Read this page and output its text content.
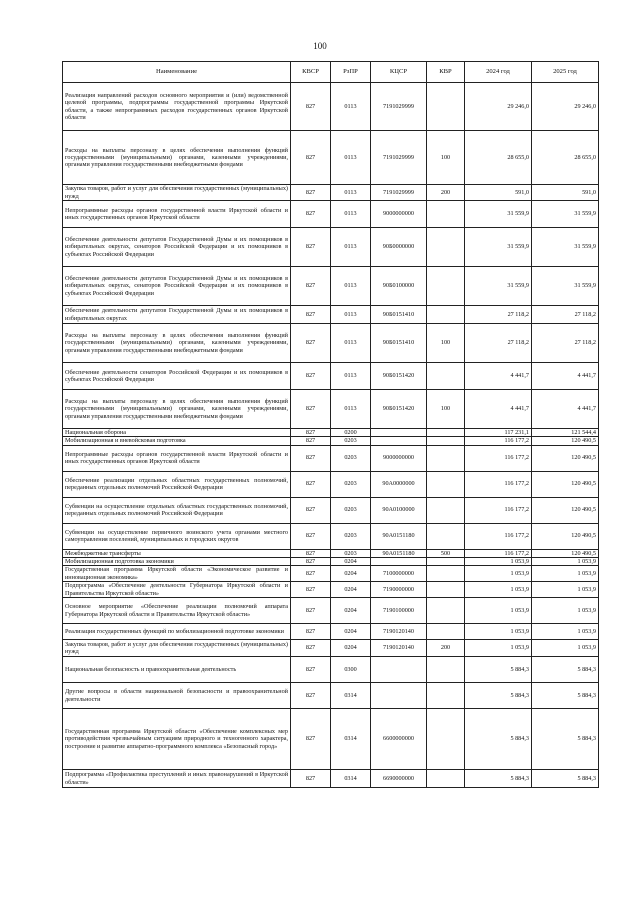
100
Наименование	КВСР	РзПР	КЦСР	КВР	2024 год	2025 год
Реализация направлений расходов основного мероприятия и (или) ведомственной целевой программы, подпрограммы государственной программы Иркутской области, а также непрограммных расходов государственных органов Иркутской области	827	0113	7191029999		29 246,0	29 246,0
Расходы на выплаты персоналу в целях обеспечения выполнения функций государственными (муниципальными) органами, казенными учреждениями, органами управления государственными внебюджетными фондами	827	0113	7191029999	100	28 655,0	28 655,0
Закупка товаров, работ и услуг для обеспечения государственных (муниципальных) нужд	827	0113	7191029999	200	591,0	591,0
Непрограммные расходы органов государственной власти Иркутской области и иных государственных органов Иркутской области	827	0113	9000000000		31 559,9	31 559,9
Обеспечение деятельности депутатов Государственной Думы и их помощников в избирательных округах, сенаторов Российской Федерации и их помощников в субъектах Российской Федерации	827	0113	90Б0000000		31 559,9	31 559,9
Обеспечение деятельности депутатов Государственной Думы и их помощников в избирательных округах, сенаторов Российской Федерации и их помощников в субъектах Российской Федерации	827	0113	90Б0100000		31 559,9	31 559,9
Обеспечение деятельности депутатов Государственной Думы и их помощников в избирательных округах	827	0113	90Б0151410		27 118,2	27 118,2
Расходы на выплаты персоналу в целях обеспечения выполнения функций государственными (муниципальными) органами, казенными учреждениями, органами управления государственными внебюджетными фондами	827	0113	90Б0151410	100	27 118,2	27 118,2
Обеспечение деятельности сенаторов Российской Федерации и их помощников в субъектах Российской Федерации	827	0113	90Б0151420		4 441,7	4 441,7
Расходы на выплаты персоналу в целях обеспечения выполнения функций государственными (муниципальными) органами, казенными учреждениями, органами управления государственными внебюджетными фондами	827	0113	90Б0151420	100	4 441,7	4 441,7
Национальная оборона	827	0200			117 231,1	121 544,4
Мобилизационная и вневойсковая подготовка	827	0203			116 177,2	120 490,5
Непрограммные расходы органов государственной власти Иркутской области и иных государственных органов Иркутской области	827	0203	9000000000		116 177,2	120 490,5
Обеспечение реализации отдельных областных государственных полномочий, переданных отдельных полномочий Российской Федерации	827	0203	90А0000000		116 177,2	120 490,5
Субвенции на осуществление отдельных областных государственных полномочий, переданных отдельных полномочий Российской Федерации	827	0203	90А0100000		116 177,2	120 490,5
Субвенции на осуществление первичного воинского учета органами местного самоуправления поселений, муниципальных и городских округов	827	0203	90А0151180		116 177,2	120 490,5
Межбюджетные трансферты	827	0203	90А0151180	500	116 177,2	120 490,5
Мобилизационная подготовка экономики	827	0204			1 053,9	1 053,9
Государственная программа Иркутской области «Экономическое развитие и инновационная экономика»	827	0204	7100000000		1 053,9	1 053,9
Подпрограмма «Обеспечение деятельности Губернатора Иркутской области и Правительства Иркутской области»	827	0204	7190000000		1 053,9	1 053,9
Основное мероприятие «Обеспечение реализации полномочий аппарата Губернатора Иркутской области и Правительства Иркутской области»	827	0204	7190100000		1 053,9	1 053,9
Реализация государственных функций по мобилизационной подготовке экономики	827	0204	7190120140		1 053,9	1 053,9
Закупка товаров, работ и услуг для обеспечения государственных (муниципальных) нужд	827	0204	7190120140	200	1 053,9	1 053,9
Национальная безопасность и правоохранительная деятельность	827	0300			5 884,3	5 884,3
Другие вопросы в области национальной безопасности и правоохранительной деятельности	827	0314			5 884,3	5 884,3
Государственная программа Иркутской области «Обеспечение комплексных мер противодействия чрезвычайным ситуациям природного и техногенного характера, построение и развитие аппаратно-программного комплекса «Безопасный город»	827	0314	6600000000		5 884,3	5 884,3
Подпрограмма «Профилактика преступлений и иных правонарушений в Иркутской области»	827	0314	6690000000		5 884,3	5 884,3
